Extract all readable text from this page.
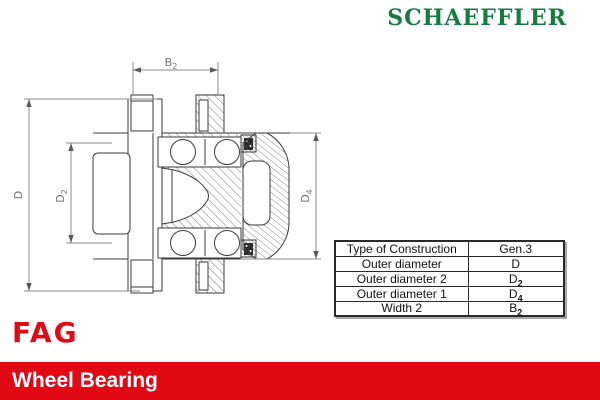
SCHAEFFLER
$B_2$
D	$D_2$
$D_4$
Type of Construction	Gen.3
Outer diameter	D
Outer diameter 2	$D_2$
Outer diameter 1	$D_4$
Width 2	$B_2$
FAG
Wheel Bearing
